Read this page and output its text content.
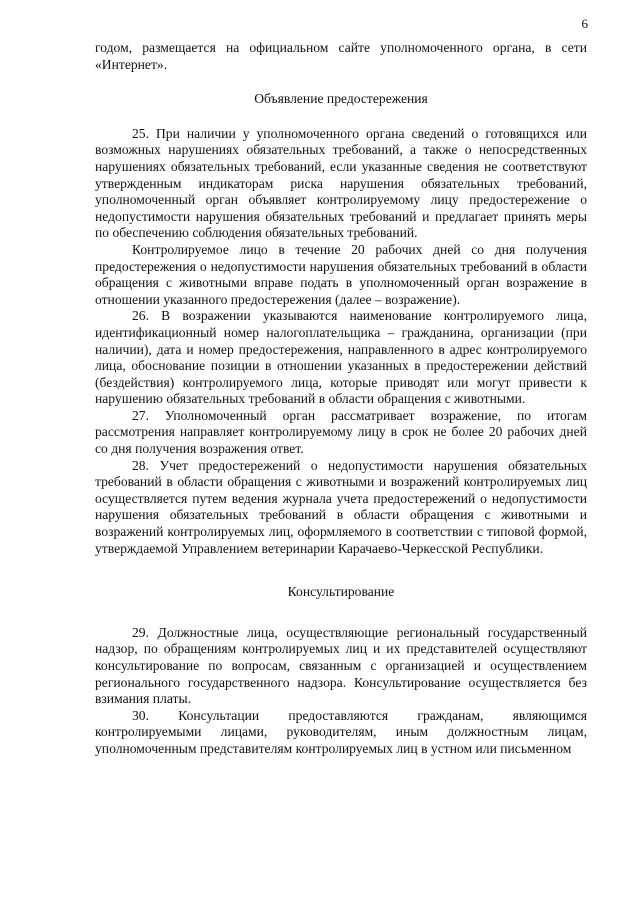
6

годом, размещается на официальном сайте уполномоченного органа, в сети «Интернет».

Объявление предостережения

25. При наличии у уполномоченного органа сведений о готовящихся или возможных нарушениях обязательных требований, а также о непосредственных нарушениях обязательных требований, если указанные сведения не соответствуют утвержденным индикаторам риска нарушения обязательных требований, уполномоченный орган объявляет контролируемому лицу предостережение о недопустимости нарушения обязательных требований и предлагает принять меры по обеспечению соблюдения обязательных требований.

Контролируемое лицо в течение 20 рабочих дней со дня получения предостережения о недопустимости нарушения обязательных требований в области обращения с животными вправе подать в уполномоченный орган возражение в отношении указанного предостережения (далее – возражение).

26. В возражении указываются наименование контролируемого лица, идентификационный номер налогоплательщика – гражданина, организации (при наличии), дата и номер предостережения, направленного в адрес контролируемого лица, обоснование позиции в отношении указанных в предостережении действий (бездействия) контролируемого лица, которые приводят или могут привести к нарушению обязательных требований в области обращения с животными.

27. Уполномоченный орган рассматривает возражение, по итогам рассмотрения направляет контролируемому лицу в срок не более 20 рабочих дней со дня получения возражения ответ.

28. Учет предостережений о недопустимости нарушения обязательных требований в области обращения с животными и возражений контролируемых лиц осуществляется путем ведения журнала учета предостережений о недопустимости нарушения обязательных требований в области обращения с животными и возражений контролируемых лиц, оформляемого в соответствии с типовой формой, утверждаемой Управлением ветеринарии Карачаево-Черкесской Республики.

Консультирование

29. Должностные лица, осуществляющие региональный государственный надзор, по обращениям контролируемых лиц и их представителей осуществляют консультирование по вопросам, связанным с организацией и осуществлением регионального государственного надзора. Консультирование осуществляется без взимания платы.

30. Консультации предоставляются гражданам, являющимся контролируемыми лицами, руководителям, иным должностным лицам, уполномоченным представителям контролируемых лиц в устном или письменном
